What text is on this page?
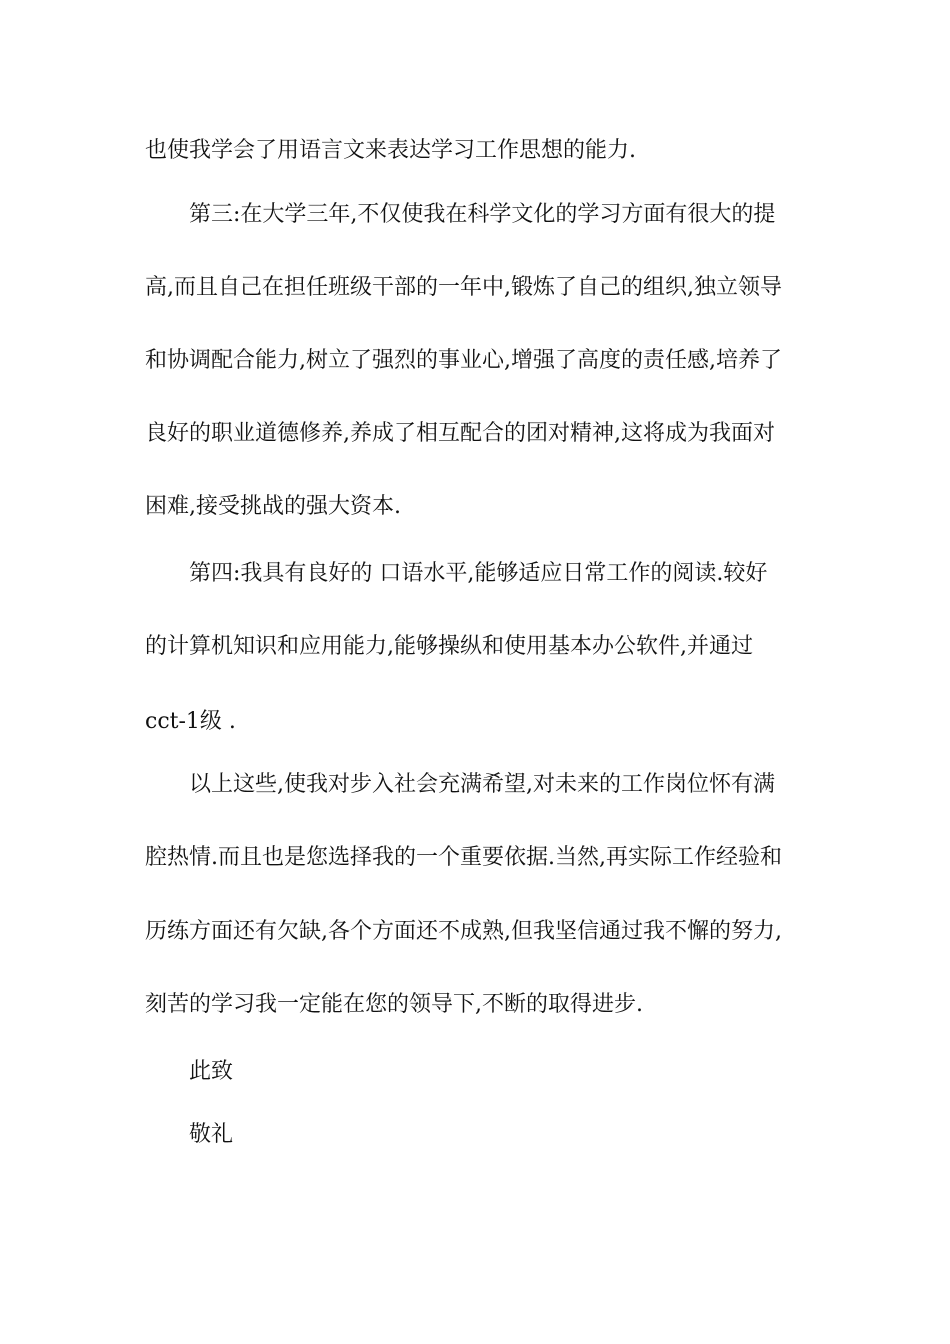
也使我学会了用语言文来表达学习工作思想的能力.
第三:在大学三年,不仅使我在科学文化的学习方面有很大的提
高,而且自己在担任班级干部的一年中,锻炼了自己的组织,独立领导
和协调配合能力,树立了强烈的事业心,增强了高度的责任感,培养了
良好的职业道德修养,养成了相互配合的团对精神,这将成为我面对
困难,接受挑战的强大资本.
第四:我具有良好的 口语水平,能够适应日常工作的阅读.较好
的计算机知识和应用能力,能够操纵和使用基本办公软件,并通过
cct-1级 .
以上这些,使我对步入社会充满希望,对未来的工作岗位怀有满
腔热情.而且也是您选择我的一个重要依据.当然,再实际工作经验和
历练方面还有欠缺,各个方面还不成熟,但我坚信通过我不懈的努力,
刻苦的学习我一定能在您的领导下,不断的取得进步.
此致
敬礼
